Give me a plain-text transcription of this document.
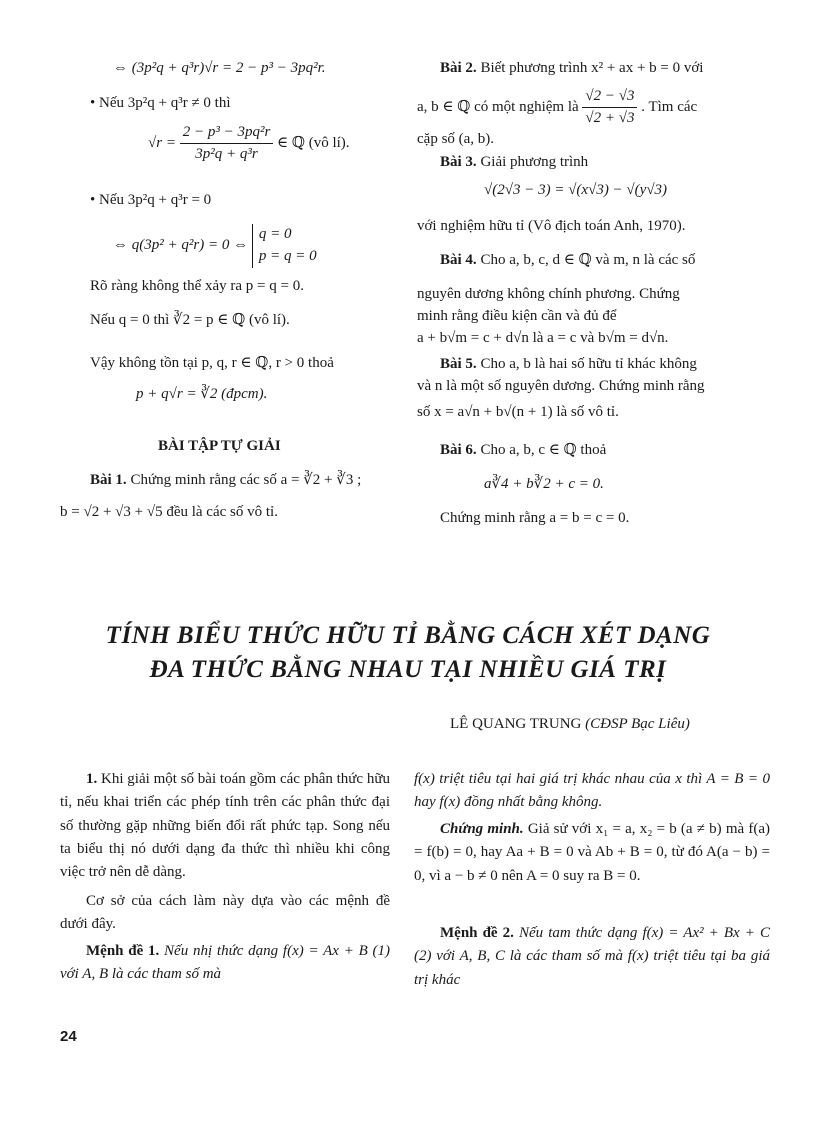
⇔ (3p²q + q³r)√r = 2 − p³ − 3pq²r.
• Nếu 3p²q + q³r ≠ 0 thì
$√r = \frac{\text{2 − p³ − 3pq²r}}{\text{3p²q + q³r}}$ ∈ ℚ (vô lí).
• Nếu 3p²q + q³r = 0
⇔ q(3p² + q²r) = 0 ⇔
q = 0
p = q = 0
Rõ ràng không thể xảy ra p = q = 0.
Nếu q = 0 thì ∛2 = p ∈ ℚ (vô lí).
Vậy không tồn tại p, q, r ∈ ℚ, r > 0 thoả
p + q√r = ∛2 (đpcm).
BÀI TẬP TỰ GIẢI
Bài 1. Chứng minh rằng các số a = ∛2 + ∛3 ;
b = √2 + √3 + √5 đều là các số vô tỉ.
Bài 2. Biết phương trình x² + ax + b = 0 với
a, b ∈ ℚ có một nghiệm là $\frac{√2 - √3}{√2 + √3}$ . Tìm các
cặp số (a, b).
Bài 3. Giải phương trình
√(2√3 − 3) = √(x√3) − √(y√3)
với nghiệm hữu tỉ (Vô địch toán Anh, 1970).
Bài 4. Cho a, b, c, d ∈ ℚ và m, n là các số
nguyên dương không chính phương. Chứng
minh rằng điều kiện cần và đủ để
a + b√m = c + d√n là a = c và b√m = d√n.
Bài 5. Cho a, b là hai số hữu tỉ khác không
và n là một số nguyên dương. Chứng minh rằng
số x = a√n + b√(n + 1) là số vô tỉ.
Bài 6. Cho a, b, c ∈ ℚ thoả
a∛4 + b∛2 + c = 0.
Chứng minh rằng a = b = c = 0.
TÍNH BIỂU THỨC HỮU TỈ BẰNG CÁCH XÉT DẠNG
ĐA THỨC BẰNG NHAU TẠI NHIỀU GIÁ TRỊ
LÊ QUANG TRUNG (CĐSP Bạc Liêu)
1. Khi giải một số bài toán gồm các phân thức hữu tỉ, nếu khai triển các phép tính trên các phân thức đại số thường gặp những biến đổi rất phức tạp. Song nếu ta biểu thị nó dưới dạng đa thức thì nhiều khi công việc trở nên dễ dàng.
Cơ sở của cách làm này dựa vào các mệnh đề dưới đây.
Mệnh đề 1. Nếu nhị thức dạng f(x) = Ax + B (1) với A, B là các tham số mà
f(x) triệt tiêu tại hai giá trị khác nhau của x thì A = B = 0 hay f(x) đồng nhất bằng không.
Chứng minh. Giả sử với x₁ = a, x₂ = b (a ≠ b) mà f(a) = f(b) = 0, hay Aa + B = 0 và Ab + B = 0, từ đó A(a − b) = 0, vì a − b ≠ 0 nên A = 0 suy ra B = 0.
Mệnh đề 2. Nếu tam thức dạng f(x) = Ax² + Bx + C (2) với A, B, C là các tham số mà f(x) triệt tiêu tại ba giá trị khác
24
